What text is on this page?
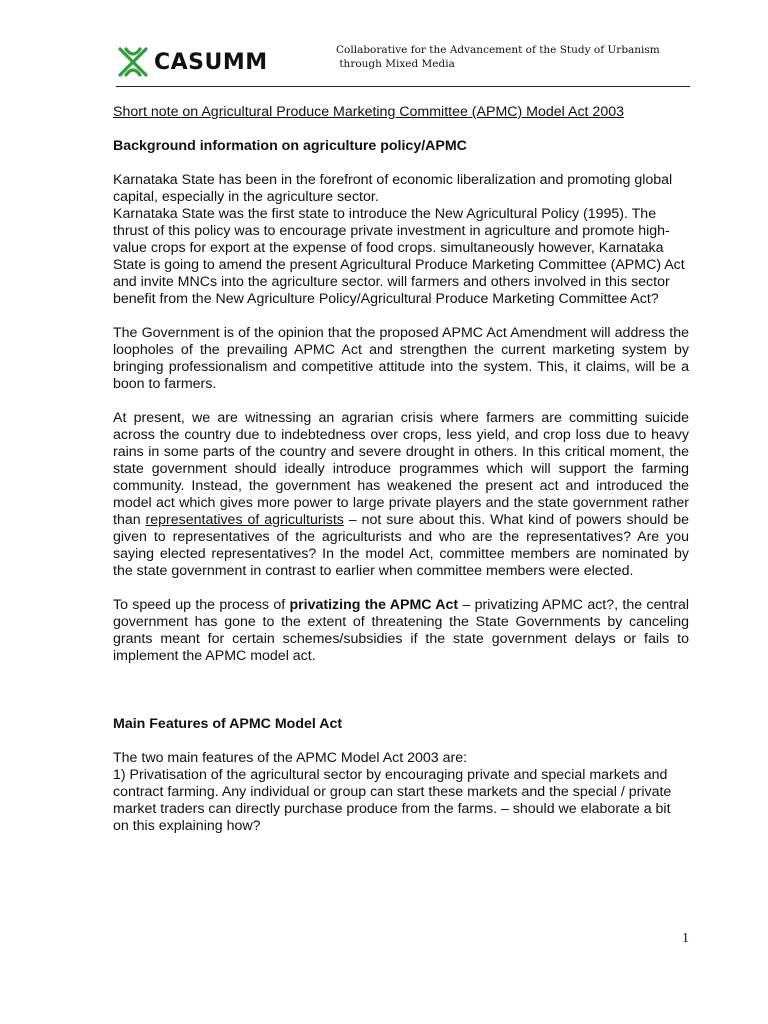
CASUMM	Collaborative for the Advancement of the Study of Urbanism
through Mixed Media

Short note on Agricultural Produce Marketing Committee (APMC) Model Act 2003

Background information on agriculture policy/APMC

Karnataka State has been in the forefront of economic liberalization and promoting global capital, especially in the agriculture sector.

Karnataka State was the first state to introduce the New Agricultural Policy (1995). The thrust of this policy was to encourage private investment in agriculture and promote high-value crops for export at the expense of food crops. simultaneously however, Karnataka State is going to amend the present Agricultural Produce Marketing Committee (APMC) Act and invite MNCs into the agriculture sector. will farmers and others involved in this sector benefit from the New Agriculture Policy/Agricultural Produce Marketing Committee Act?

The Government is of the opinion that the proposed APMC Act Amendment will address the loopholes of the prevailing APMC Act and strengthen the current marketing system by bringing professionalism and competitive attitude into the system. This, it claims, will be a boon to farmers.

At present, we are witnessing an agrarian crisis where farmers are committing suicide across the country due to indebtedness over crops, less yield, and crop loss due to heavy rains in some parts of the country and severe drought in others. In this critical moment, the state government should ideally introduce programmes which will support the farming community. Instead, the government has weakened the present act and introduced the model act which gives more power to large private players and the state government rather than representatives of agriculturists – not sure about this. What kind of powers should be given to representatives of the agriculturists and who are the representatives? Are you saying elected representatives? In the model Act, committee members are nominated by the state government in contrast to earlier when committee members were elected.

To speed up the process of privatizing the APMC Act – privatizing APMC act?, the central government has gone to the extent of threatening the State Governments by canceling grants meant for certain schemes/subsidies if the state government delays or fails to implement the APMC model act.

Main Features of APMC Model Act

The two main features of the APMC Model Act 2003 are:

1) Privatisation of the agricultural sector by encouraging private and special markets and contract farming. Any individual or group can start these markets and the special / private market traders can directly purchase produce from the farms. – should we elaborate a bit on this explaining how?

1
